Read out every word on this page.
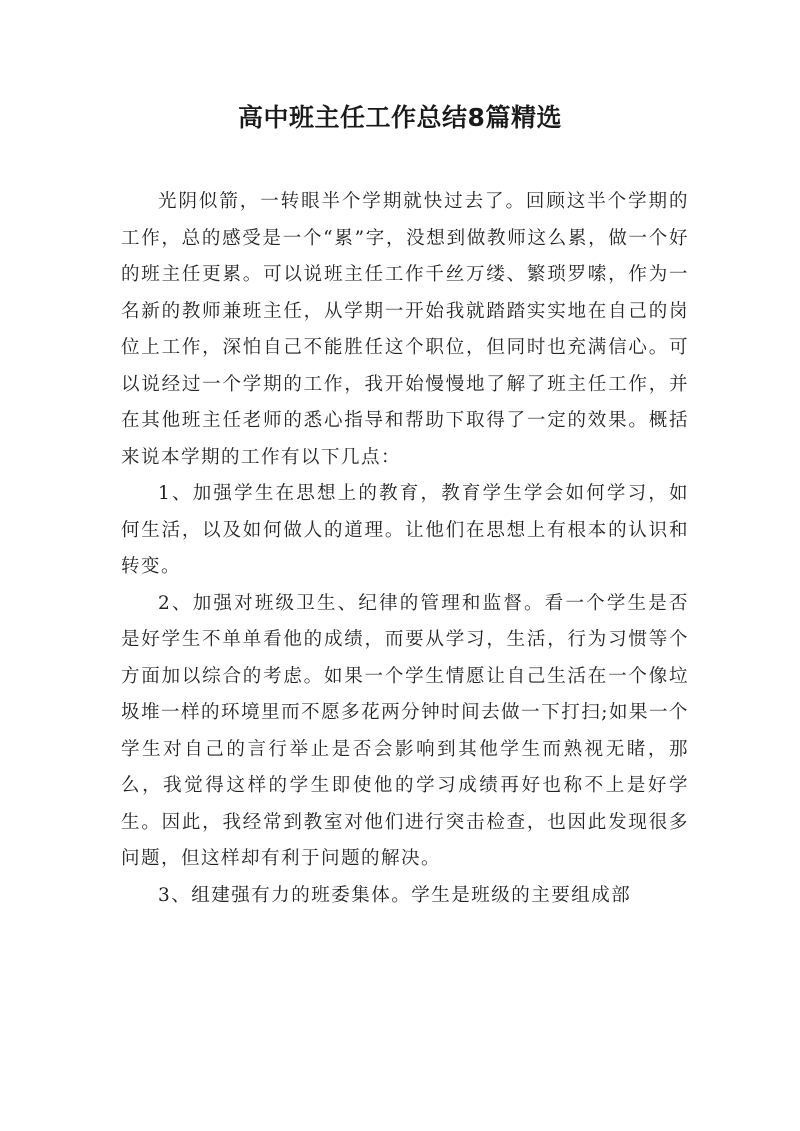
高中班主任工作总结8篇精选

光阴似箭，一转眼半个学期就快过去了。回顾这半个学期的工作，总的感受是一个“累”字，没想到做教师这么累，做一个好的班主任更累。可以说班主任工作千丝万缕、繁琐罗嗦，作为一名新的教师兼班主任，从学期一开始我就踏踏实实地在自己的岗位上工作，深怕自己不能胜任这个职位，但同时也充满信心。可以说经过一个学期的工作，我开始慢慢地了解了班主任工作，并在其他班主任老师的悉心指导和帮助下取得了一定的效果。概括来说本学期的工作有以下几点：

1、加强学生在思想上的教育，教育学生学会如何学习，如何生活，以及如何做人的道理。让他们在思想上有根本的认识和转变。

2、加强对班级卫生、纪律的管理和监督。看一个学生是否是好学生不单单看他的成绩，而要从学习，生活，行为习惯等个方面加以综合的考虑。如果一个学生情愿让自己生活在一个像垃圾堆一样的环境里而不愿多花两分钟时间去做一下打扫;如果一个学生对自己的言行举止是否会影响到其他学生而熟视无睹，那么，我觉得这样的学生即使他的学习成绩再好也称不上是好学生。因此，我经常到教室对他们进行突击检查，也因此发现很多问题，但这样却有利于问题的解决。

3、组建强有力的班委集体。学生是班级的主要组成部
